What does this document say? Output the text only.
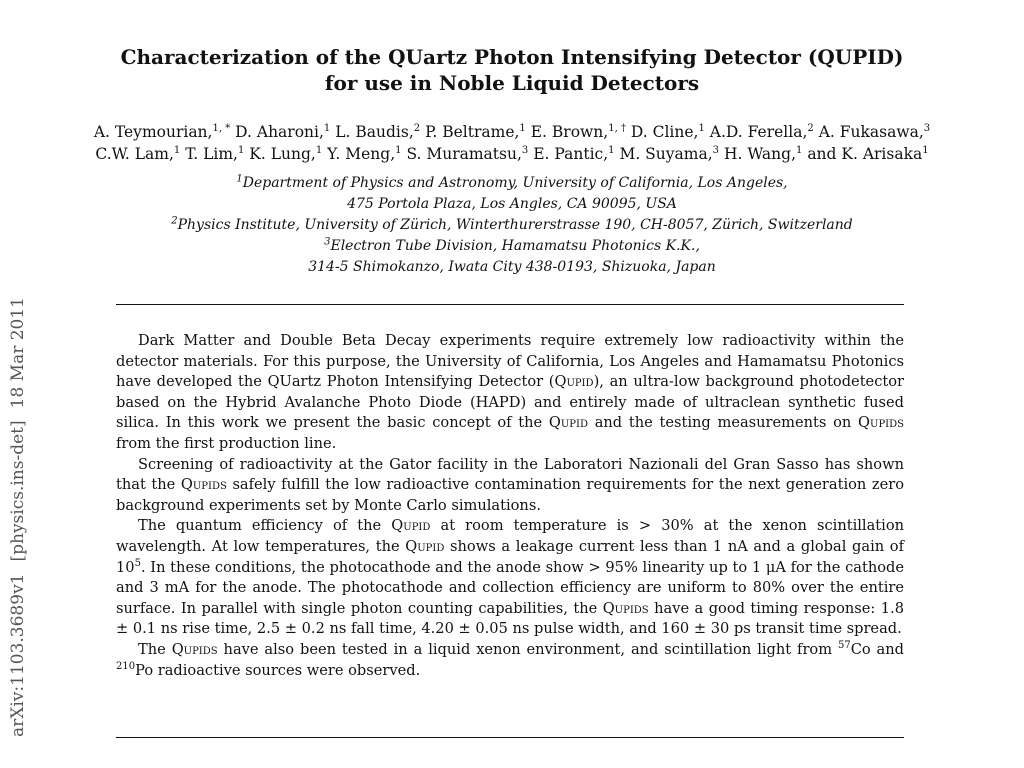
Characterization of the QUartz Photon Intensifying Detector (QUPID)
for use in Noble Liquid Detectors
A. Teymourian,$^{1, *}$ D. Aharoni,$^1$ L. Baudis,$^2$ P. Beltrame,$^1$ E. Brown,$^{1, \dagger}$ D. Cline,$^1$ A.D. Ferella,$^2$ A. Fukasawa,$^3$
C.W. Lam,$^1$ T. Lim,$^1$ K. Lung,$^1$ Y. Meng,$^1$ S. Muramatsu,$^3$ E. Pantic,$^1$ M. Suyama,$^3$ H. Wang,$^1$ and K. Arisaka$^1$
$^1$Department of Physics and Astronomy, University of California, Los Angeles,
475 Portola Plaza, Los Angles, CA 90095, USA
$^2$Physics Institute, University of Zürich, Winterthurerstrasse 190, CH-8057, Zürich, Switzerland
$^3$Electron Tube Division, Hamamatsu Photonics K.K.,
314-5 Shimokanzo, Iwata City 438-0193, Shizuoka, Japan

Dark Matter and Double Beta Decay experiments require extremely low radioactivity within the detector materials. For this purpose, the University of California, Los Angeles and Hamamatsu Photonics have developed the QUartz Photon Intensifying Detector (Qupid), an ultra-low background photodetector based on the Hybrid Avalanche Photo Diode (HAPD) and entirely made of ultraclean synthetic fused silica. In this work we present the basic concept of the Qupid and the testing measurements on Qupids from the first production line.

Screening of radioactivity at the Gator facility in the Laboratori Nazionali del Gran Sasso has shown that the Qupids safely fulfill the low radioactive contamination requirements for the next generation zero background experiments set by Monte Carlo simulations.

The quantum efficiency of the Qupid at room temperature is > 30% at the xenon scintillation wavelength. At low temperatures, the Qupid shows a leakage current less than 1 nA and a global gain of $10^5$. In these conditions, the photocathode and the anode show > 95% linearity up to 1 μA for the cathode and 3 mA for the anode. The photocathode and collection efficiency are uniform to 80% over the entire surface. In parallel with single photon counting capabilities, the Qupids have a good timing response: 1.8 ± 0.1 ns rise time, 2.5 ± 0.2 ns fall time, 4.20 ± 0.05 ns pulse width, and 160 ± 30 ps transit time spread.

The Qupids have also been tested in a liquid xenon environment, and scintillation light from $^{57}$Co and $^{210}$Po radioactive sources were observed.

arXiv:1103.3689v1[physics.ins-det]18 Mar 2011
